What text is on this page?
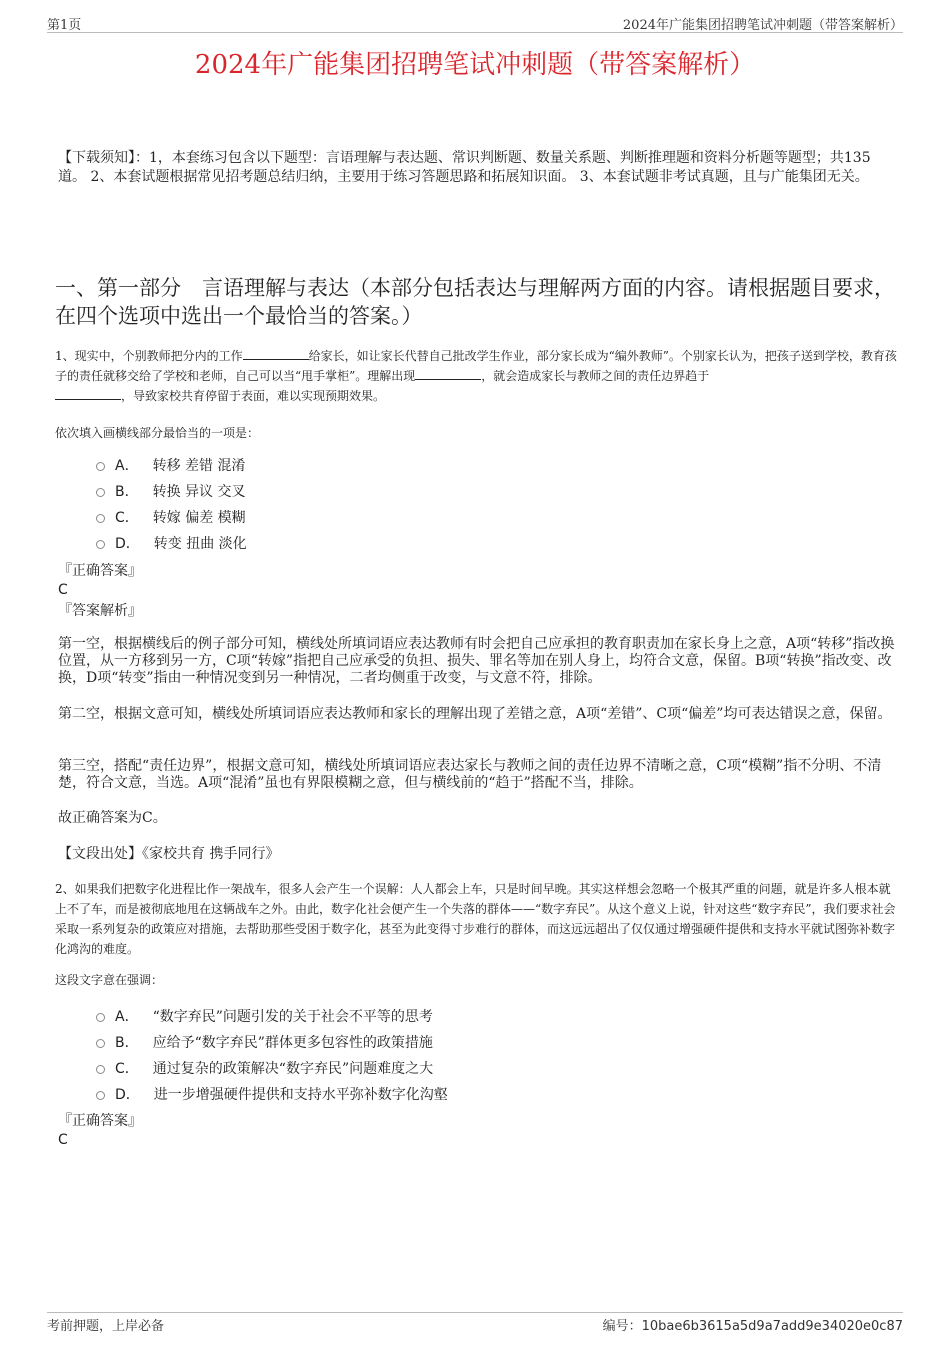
第1页	2024年广能集团招聘笔试冲刺题（带答案解析）
2024年广能集团招聘笔试冲刺题（带答案解析）
【下载须知】：1，本套练习包含以下题型：言语理解与表达题、常识判断题、数量关系题、判断推理题和资料分析题等题型；共135道。 2、本套试题根据常见招考题总结归纳，主要用于练习答题思路和拓展知识面。 3、本套试题非考试真题，且与广能集团无关。
一、第一部分　言语理解与表达（本部分包括表达与理解两方面的内容。请根据题目要求，在四个选项中选出一个最恰当的答案。）
1、现实中，个别教师把分内的工作	给家长，如让家长代替自己批改学生作业，部分家长成为“编外教师”。个别家长认为，把孩子送到学校，教育孩子的责任就移交给了学校和老师，自己可以当“甩手掌柜”。理解出现	，就会造成家长与教师之间的责任边界趋于
，导致家校共育停留于表面，难以实现预期效果。
依次填入画横线部分最恰当的一项是：
A． 转移 差错 混淆
B． 转换 异议 交叉
C． 转嫁 偏差 模糊
D． 转变 扭曲 淡化
『正确答案』
C
『答案解析』
第一空，根据横线后的例子部分可知，横线处所填词语应表达教师有时会把自己应承担的教育职责加在家长身上之意，A项“转移”指改换位置，从一方移到另一方，C项“转嫁”指把自己应承受的负担、损失、罪名等加在别人身上，均符合文意，保留。B项“转换”指改变、改换，D项“转变”指由一种情况变到另一种情况，二者均侧重于改变，与文意不符，排除。
第二空，根据文意可知，横线处所填词语应表达教师和家长的理解出现了差错之意，A项“差错”、C项“偏差”均可表达错误之意，保留。
第三空，搭配“责任边界”，根据文意可知，横线处所填词语应表达家长与教师之间的责任边界不清晰之意，C项“模糊”指不分明、不清楚，符合文意，当选。A项“混淆”虽也有界限模糊之意，但与横线前的“趋于”搭配不当，排除。
故正确答案为C。
【文段出处】《家校共育 携手同行》
2、如果我们把数字化进程比作一架战车，很多人会产生一个误解：人人都会上车，只是时间早晚。其实这样想会忽略一个极其严重的问题，就是许多人根本就上不了车，而是被彻底地甩在这辆战车之外。由此，数字化社会便产生一个失落的群体——“数字弃民”。从这个意义上说，针对这些“数字弃民”，我们要求社会采取一系列复杂的政策应对措施，去帮助那些受困于数字化，甚至为此变得寸步难行的群体，而这远远超出了仅仅通过增强硬件提供和支持水平就试图弥补数字化鸿沟的难度。
这段文字意在强调：
A． “数字弃民”问题引发的关于社会不平等的思考
B． 应给予“数字弃民”群体更多包容性的政策措施
C． 通过复杂的政策解决“数字弃民”问题难度之大
D． 进一步增强硬件提供和支持水平弥补数字化沟壑
『正确答案』
C
考前押题，上岸必备	编号：10bae6b3615a5d9a7add9e34020e0c87
